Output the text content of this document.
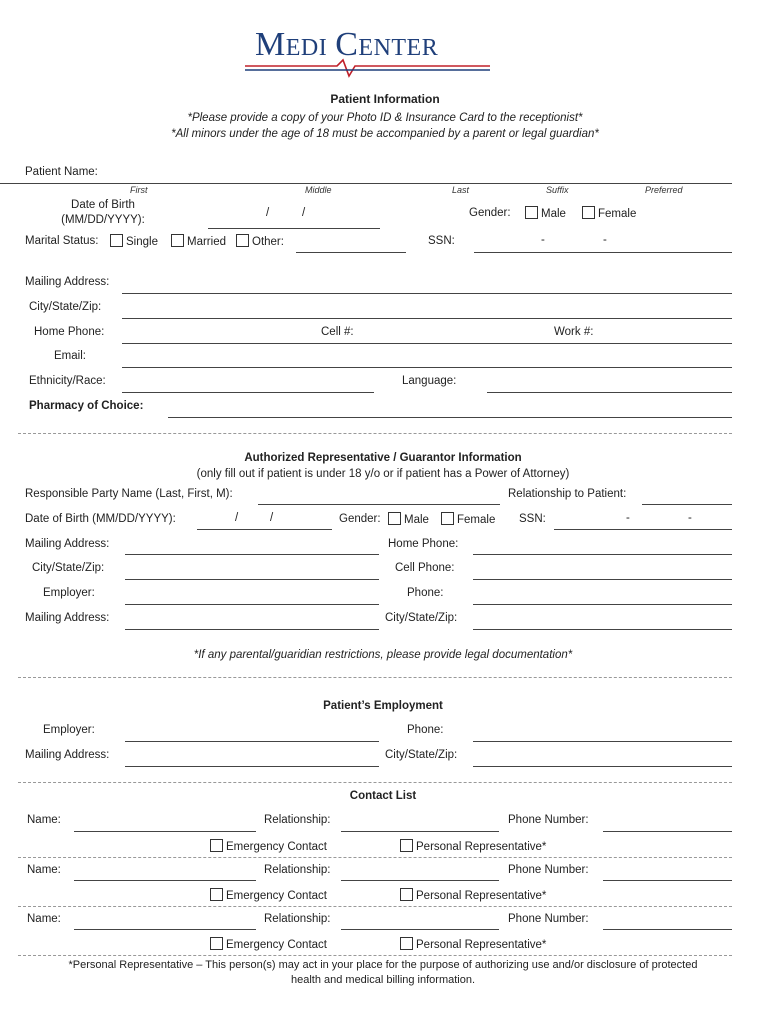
MEDI CENTER
Patient Information
*Please provide a copy of your Photo ID & Insurance Card to the receptionist*
*All minors under the age of 18 must be accompanied by a parent or legal guardian*
Patient Name:
First	Middle	Last	Suffix	Preferred
Date of Birth
(MM/DD/YYYY):
/	/	Gender:	Male	Female
Marital Status:	Single	Married	Other:	SSN:	-	-
Mailing Address:
City/State/Zip:
Home Phone:	Cell #:	Work #:
Email:
Ethnicity/Race:	Language:
Pharmacy of Choice:
Authorized Representative / Guarantor Information
(only fill out if patient is under 18 y/o or if patient has a Power of Attorney)
Responsible Party Name (Last, First, M):	Relationship to Patient:
Date of Birth (MM/DD/YYYY):	/	/	Gender:	Male	Female SSN:	-	-
Mailing Address:	Home Phone:
City/State/Zip:	Cell Phone:
Employer:	Phone:
Mailing Address:	City/State/Zip:
*If any parental/guaridian restrictions, please provide legal documentation*
Patient’s Employment
Employer:	Phone:
Mailing Address:	City/State/Zip:
Contact List
Name:	Relationship:	Phone Number:
Emergency Contact	Personal Representative*
Name:	Relationship:	Phone Number:
Emergency Contact	Personal Representative*
Name:	Relationship:	Phone Number:
Emergency Contact	Personal Representative*
*Personal Representative – This person(s) may act in your place for the purpose of authorizing use and/or disclosure of protected
health and medical billing information.
